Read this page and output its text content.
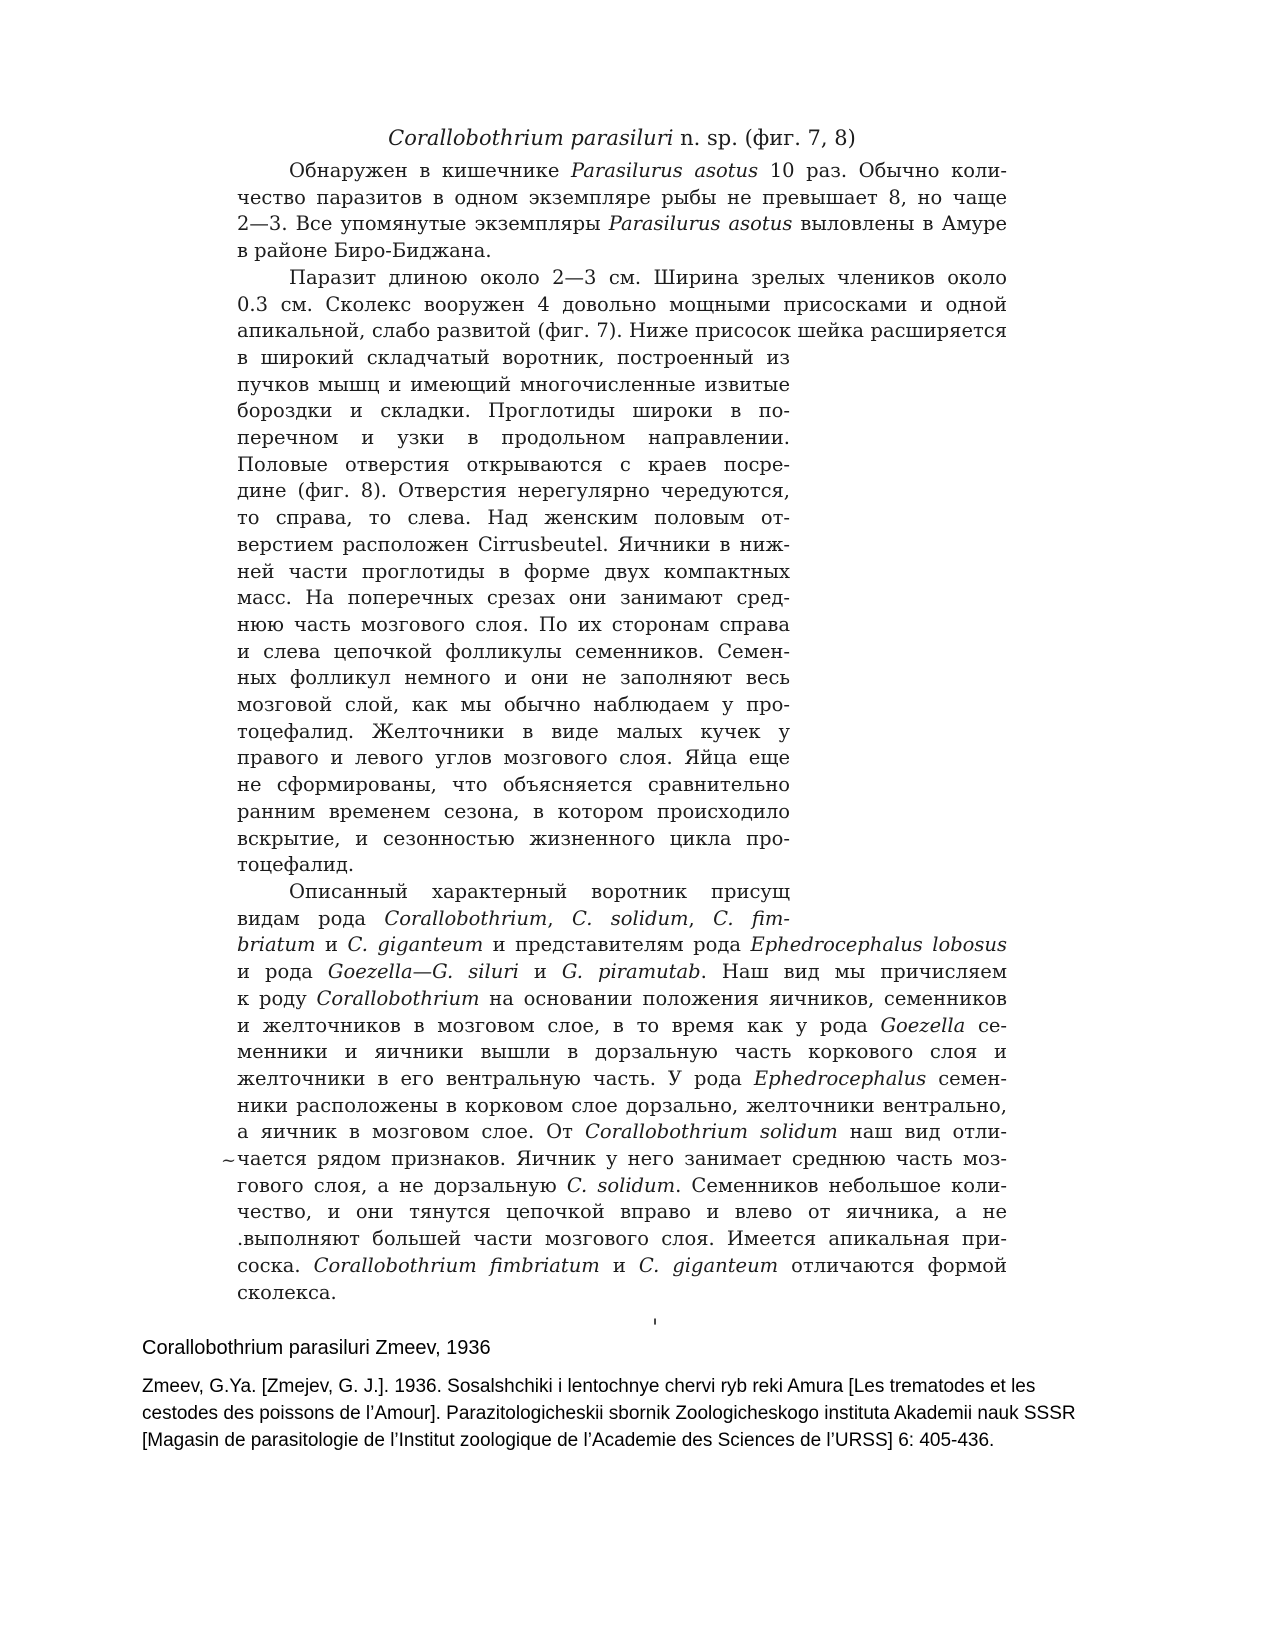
Corallobothrium parasiluri n. sp. (фиг. 7, 8)
Обнаружен в кишечнике Parasilurus asotus 10 раз. Обычно коли-
чество паразитов в одном экземпляре рыбы не превышает 8, но чаще
2—3. Все упомянутые экземпляры Parasilurus asotus выловлены в Амуре
в районе Биро-Биджана.
Паразит длиною около 2—3 см. Ширина зрелых члеников около
0.3 см. Сколекс вооружен 4 довольно мощными присосками и одной
апикальной, слабо развитой (фиг. 7). Ниже присосок шейка расширяется
в широкий складчатый воротник, построенный из
пучков мышц и имеющий многочисленные извитые
бороздки и складки. Проглотиды широки в по-
перечном и узки в продольном направлении.
Половые отверстия открываются с краев посре-
дине (фиг. 8). Отверстия нерегулярно чередуются,
то справа, то слева. Над женским половым от-
верстием расположен Cirrusbeutel. Яичники в ниж-
ней части проглотиды в форме двух компактных
масс. На поперечных срезах они занимают сред-
нюю часть мозгового слоя. По их сторонам справа
и слева цепочкой фолликулы семенников. Семен-
ных фолликул немного и они не заполняют весь
мозговой слой, как мы обычно наблюдаем у про-
тоцефалид. Желточники в виде малых кучек у
правого и левого углов мозгового слоя. Яйца еще
не сформированы, что объясняется сравнительно
ранним временем сезона, в котором происходило
вскрытие, и сезонностью жизненного цикла про-
тоцефалид.
Описанный характерный воротник присущ
видам рода Corallobothrium, C. solidum, C. fim-
briatum и C. giganteum и представителям рода Ephedrocephalus lobosus
и рода Goezella—G. siluri и G. piramutab. Наш вид мы причисляем
к роду Corallobothrium на основании положения яичников, семенников
и желточников в мозговом слое, в то время как у рода Goezella се-
менники и яичники вышли в дорзальную часть коркового слоя и
желточники в его вентральную часть. У рода Ephedrocephalus семен-
ники расположены в корковом слое дорзально, желточники вентрально,
а яичник в мозговом слое. От Corallobothrium solidum наш вид отли-
чается рядом признаков. Яичник у него занимает среднюю часть моз-
гового слоя, а не дорзальную C. solidum. Семенников небольшое коли-
чество, и они тянутся цепочкой вправо и влево от яичника, а не
.выполняют большей части мозгового слоя. Имеется апикальная при-
соска. Corallobothrium fimbriatum и C. giganteum отличаются формой
сколекса.
~
'
Corallobothrium parasiluri Zmeev, 1936
Zmeev, G.Ya. [Zmejev, G. J.]. 1936. Sosalshchiki i lentochnye chervi ryb reki Amura [Les trematodes et les
cestodes des poissons de l’Amour]. Parazitologicheskii sbornik Zoologicheskogo instituta Akademii nauk SSSR
[Magasin de parasitologie de l’Institut zoologique de l’Academie des Sciences de l’URSS] 6: 405-436.
